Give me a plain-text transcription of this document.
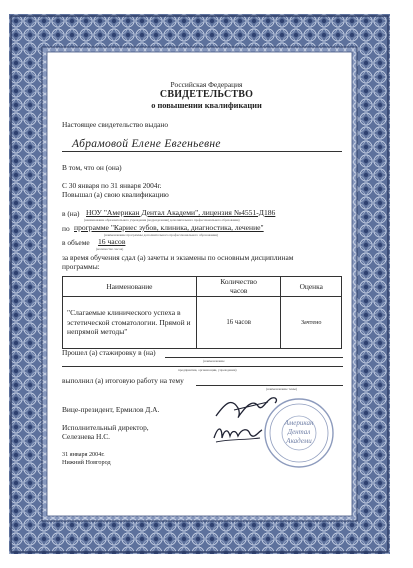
Российская Федерация
СВИДЕТЕЛЬСТВО
о повышении квалификации
Настоящее свидетельство выдано
Абрамовой Елене Евгеньевне
В том, что он (она)
С 30 января по 31 января 2004г.
Повышал (а) свою квалификацию
в (на) НОУ "Американ Дентал Академи", лицензия №4551-Д186
(наименование образовательного учреждения (подразделения) дополнительного профессионального образования)
по программе "Кариес зубов, клиника, диагностика, лечение"
(наименование программы дополнительного профессионального образования)
в объеме 16 часов
(количество часов)
за время обучения сдал (а) зачеты и экзамены по основным дисциплинам
программы:
Наименование	Количество часов	Оценка
"Слагаемые клинического успеха в эстетической стоматологии. Прямой и непрямой методы"	16 часов	Зачтено
Прошел (а) стажировку в (на)
(наименование
предприятия, организации, учреждения)
выполнил (а) итоговую работу на тему
(наименование темы)
Вице-президент, Ермилов Д.А.
Исполнительный директор,
Селезнева Н.С.
31 января 2004г.
Нижний Новгород
Американ
Дентал
Академи
